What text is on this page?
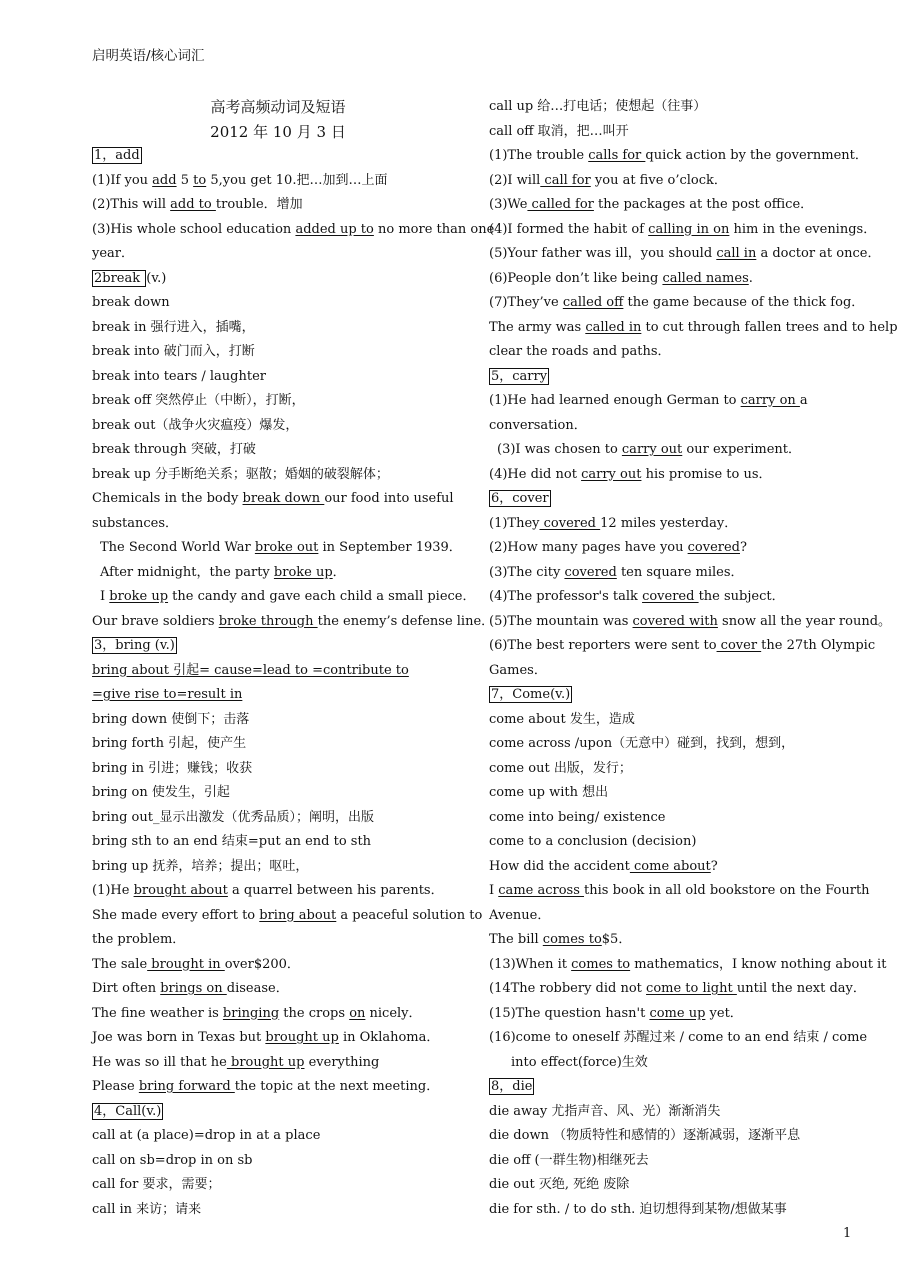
启明英语/核心词汇
高考高频动词及短语
2012 年 10 月 3 日
1，add
(1)If you add 5 to 5,you get 10.把…加到…上面
(2)This will add to trouble．增加
(3)His whole school education added up to no more than one
year．
2break (v.)
break down
break in 强行进入，插嘴，
break into 破门而入，打断
break into tears / laughter
break off 突然停止（中断），打断，
break out（战争火灾瘟疫）爆发，
break through 突破，打破
break up 分手断绝关系；驱散；婚姻的破裂解体；
Chemicals in the body break down our food into useful
substances．
The Second World War broke out in September 1939．
After midnight，the party broke up．
I broke up the candy and gave each child a small piece．
Our brave soldiers broke through the enemy’s defense line．
3，bring (v.)
bring about 引起= cause=lead to =contribute to
=give rise to=result in
bring down 使倒下；击落
bring forth 引起，使产生
bring in 引进；赚钱；收获
bring on 使发生，引起
bring out_显示出激发（优秀品质）；阐明，出版
bring sth to an end 结束=put an end to sth
bring up 抚养，培养；提出；呕吐，
(1)He brought about a quarrel between his parents．
She made every effort to bring about a peaceful solution to
the problem．
The sale brought in over$200．
Dirt often brings on disease．
The fine weather is bringing the crops on nicely．
Joe was born in Texas but brought up in Oklahoma．
He was so ill that he brought up everything
Please bring forward the topic at the next meeting．
4，Call(v.)
call at (a place)=drop in at a place
call on sb=drop in on sb
call for 要求，需要；
call in 来访；请来
call up 给…打电话；使想起（往事）
call off 取消，把…叫开
(1)The trouble calls for quick action by the government．
(2)I will call for you at five o’clock．
(3)We called for the packages at the post office．
(4)I formed the habit of calling in on him in the evenings．
(5)Your father was ill，you should call in a doctor at once．
(6)People don’t like being called names.
(7)They’ve called off the game because of the thick fog．
The army was called in to cut through fallen trees and to help
clear the roads and paths．
5，carry
(1)He had learned enough German to carry on a
conversation．
(3)I was chosen to carry out our experiment．
(4)He did not carry out his promise to us．
6，cover
(1)They covered 12 miles yesterday．
(2)How many pages have you covered?
(3)The city covered ten square miles．
(4)The professor's talk covered the subject．
(5)The mountain was covered with snow all the year round。
(6)The best reporters were sent to cover the 27th Olympic
Games．
7，Come(v.)
come about 发生，造成
come across /upon（无意中）碰到，找到，想到，
come out 出版，发行；
come up with 想出
come into being/ existence
come to a conclusion (decision)
How did the accident come about?
I came across this book in all old bookstore on the Fourth
Avenue．
The bill comes to$5．
(13)When it comes to mathematics，I know nothing about it
(14The robbery did not come to light until the next day．
(15)The question hasn't come up yet．
(16)come to oneself 苏醒过来 / come to an end 结束 / come
into effect(force)生效
8，die
die away 尤指声音、风、光）渐渐消失
die down （物质特性和感情的）逐渐减弱，逐渐平息
die off (一群生物)相继死去
die out 灭绝, 死绝 废除
die for sth. / to do sth. 迫切想得到某物/想做某事
1
